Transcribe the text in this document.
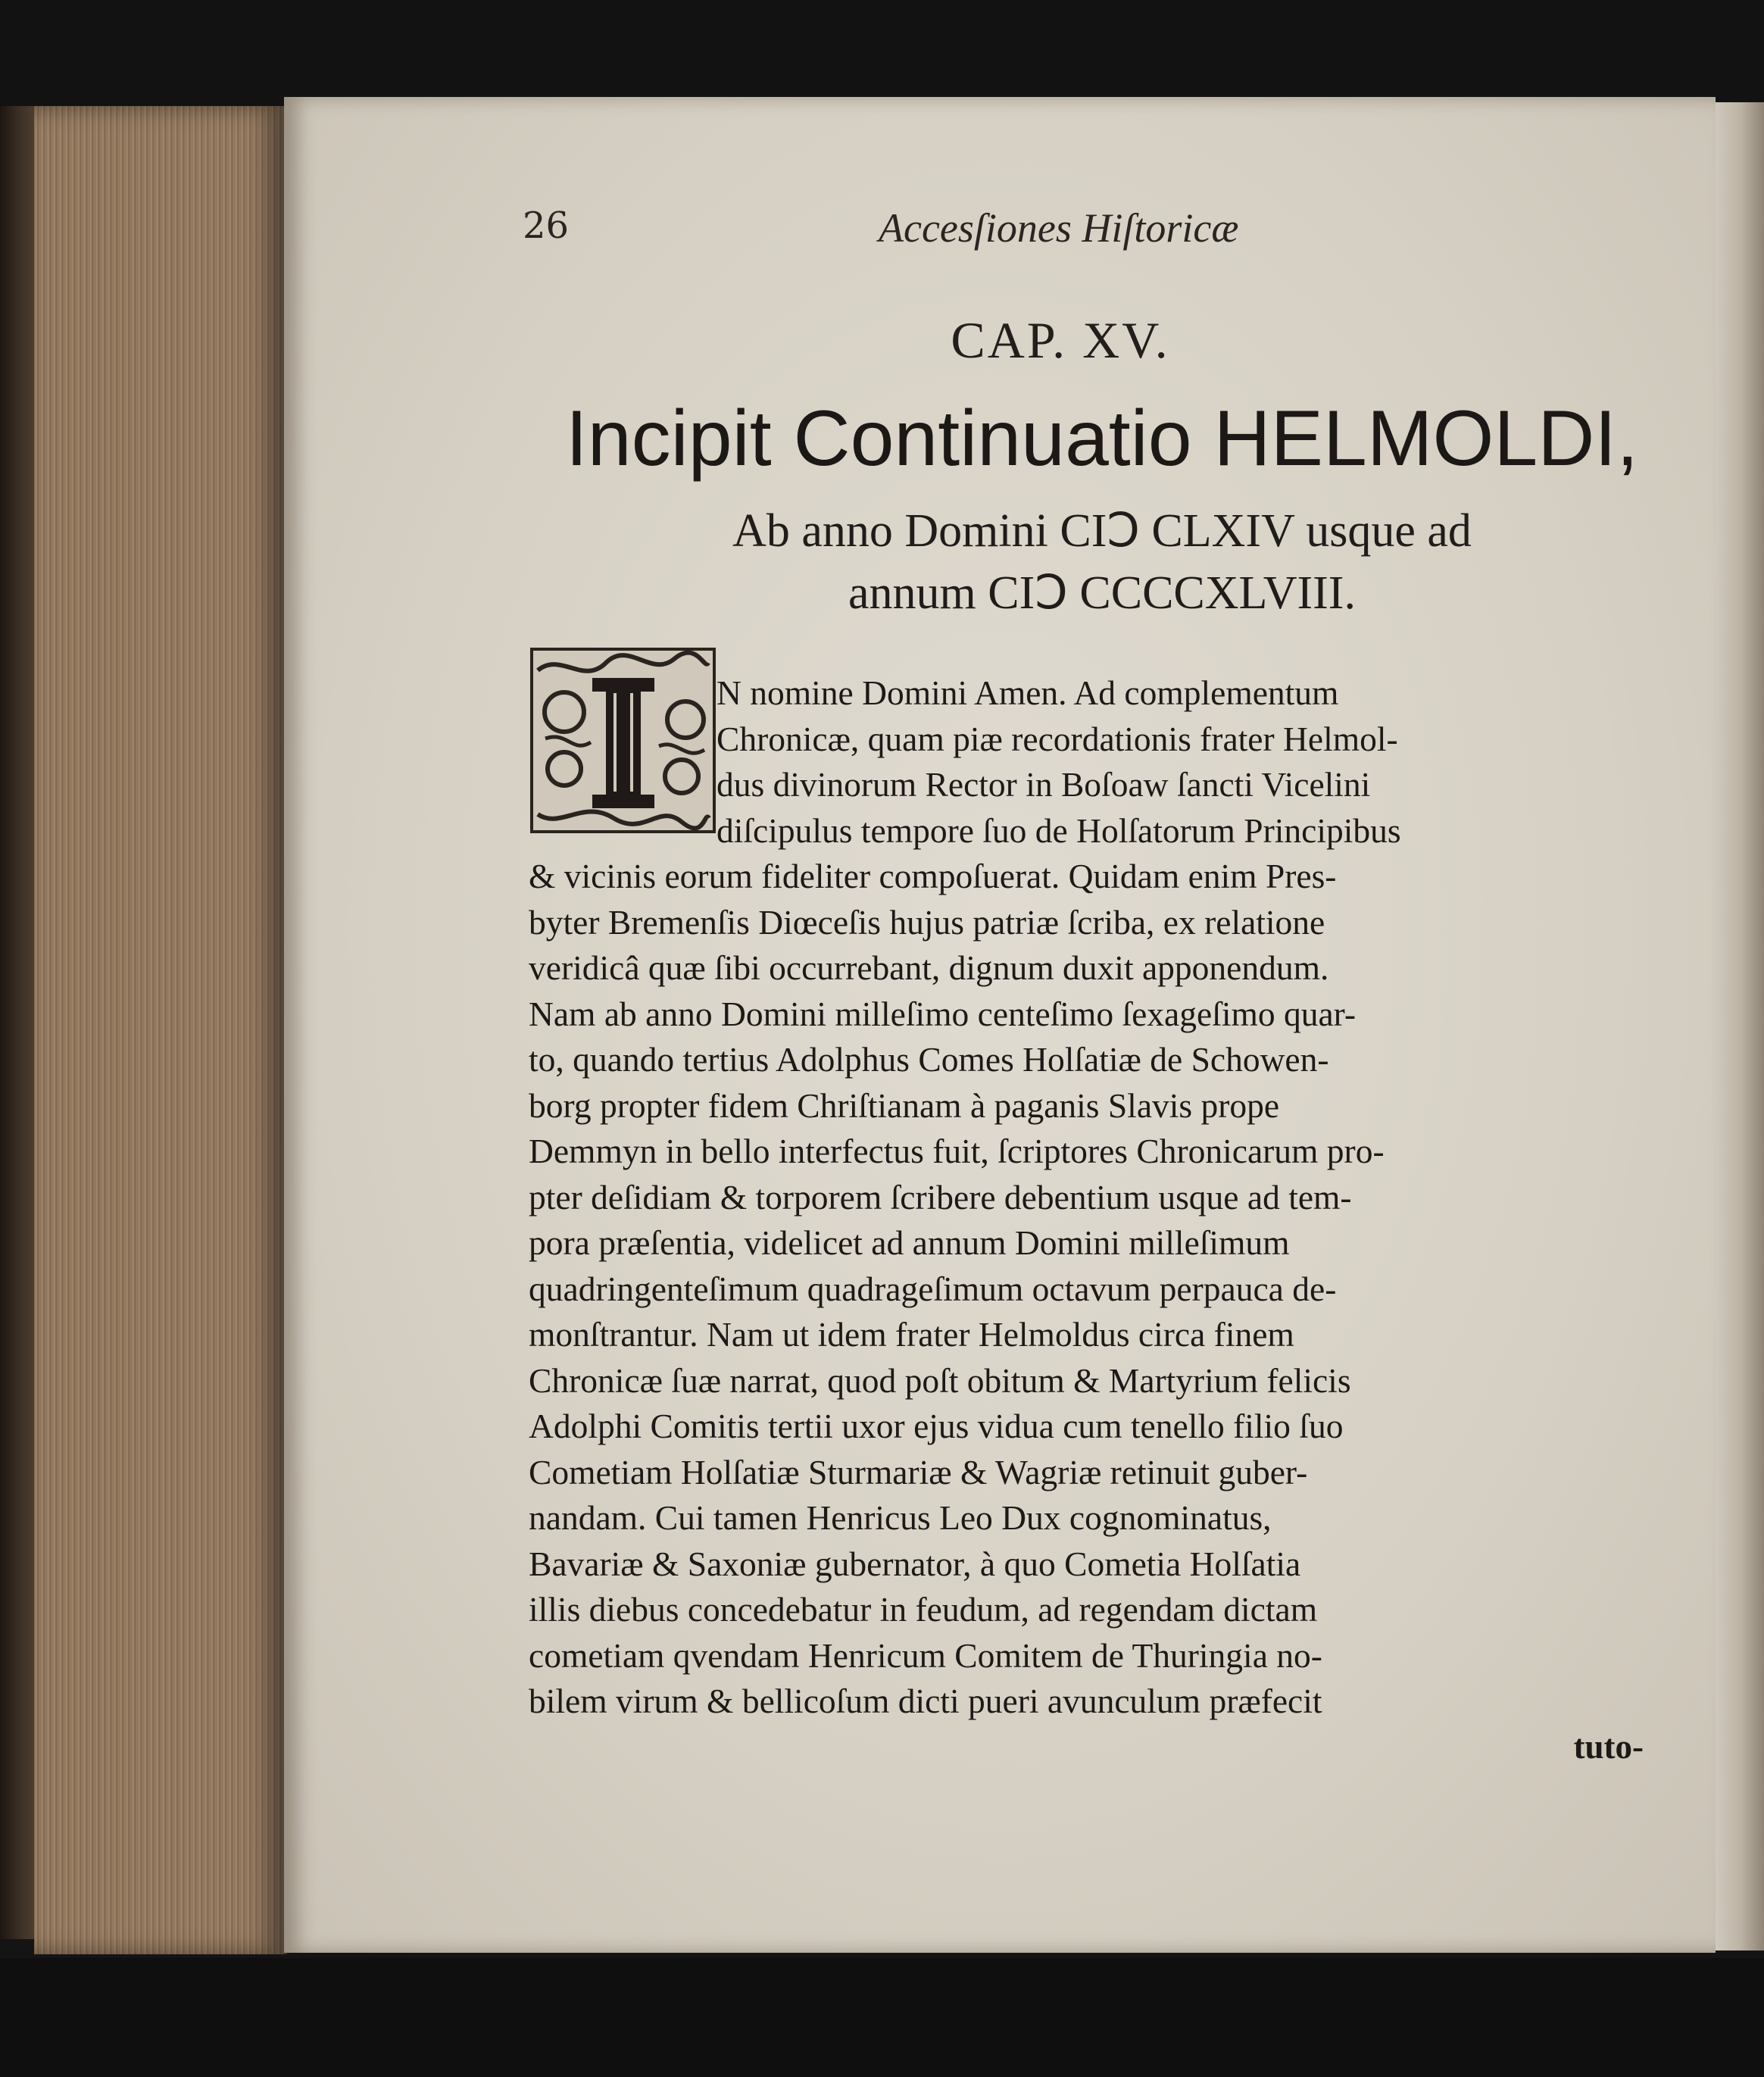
26	Accesſiones Hiſtoricæ
CAP. XV.
Incipit Continuatio HELMOLDI,
Ab anno Domini CIↃ CLXIV usque ad
annum CIↃ CCCCXLVIII.
N nomine Domini Amen. Ad complementum
Chronicæ, quam piæ recordationis frater Helmol-
dus divinorum Rector in Boſoaw ſancti Vicelini
diſcipulus tempore ſuo de Holſatorum Principibus
& vicinis eorum fideliter compoſuerat. Quidam enim Pres-
byter Bremenſis Diœceſis hujus patriæ ſcriba, ex relatione
veridicâ quæ ſibi occurrebant, dignum duxit apponendum.
Nam ab anno Domini milleſimo centeſimo ſexageſimo quar-
to, quando tertius Adolphus Comes Holſatiæ de Schowen-
borg propter fidem Chriſtianam à paganis Slavis prope
Demmyn in bello interfectus fuit, ſcriptores Chronicarum pro-
pter deſidiam & torporem ſcribere debentium usque ad tem-
pora præſentia, videlicet ad annum Domini milleſimum
quadringenteſimum quadrageſimum octavum perpauca de-
monſtrantur. Nam ut idem frater Helmoldus circa finem
Chronicæ ſuæ narrat, quod poſt obitum & Martyrium felicis
Adolphi Comitis tertii uxor ejus vidua cum tenello filio ſuo
Cometiam Holſatiæ Sturmariæ & Wagriæ retinuit guber-
nandam. Cui tamen Henricus Leo Dux cognominatus,
Bavariæ & Saxoniæ gubernator, à quo Cometia Holſatia
illis diebus concedebatur in feudum, ad regendam dictam
cometiam qvendam Henricum Comitem de Thuringia no-
bilem virum & bellicoſum dicti pueri avunculum præfecit
tuto-
